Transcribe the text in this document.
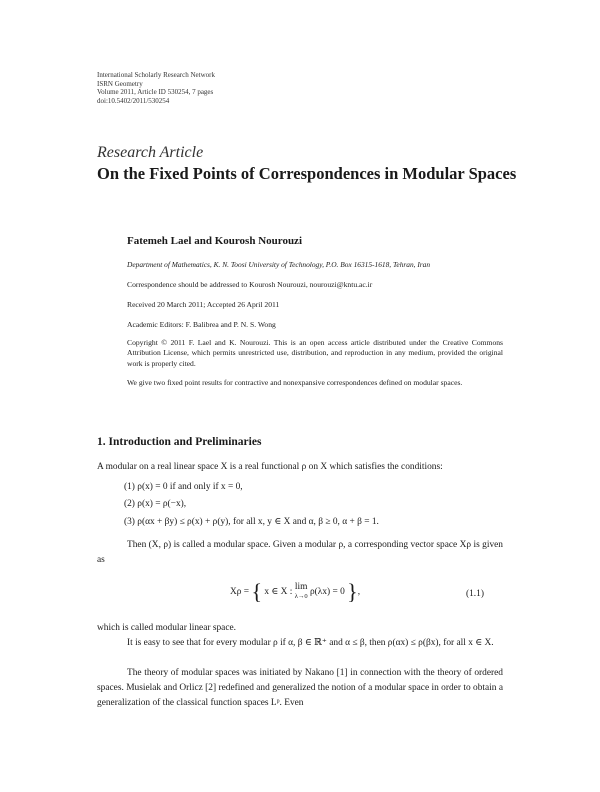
International Scholarly Research Network
ISRN Geometry
Volume 2011, Article ID 530254, 7 pages
doi:10.5402/2011/530254
Research Article
On the Fixed Points of Correspondences in Modular Spaces
Fatemeh Lael and Kourosh Nourouzi
Department of Mathematics, K. N. Toosi University of Technology, P.O. Box 16315-1618, Tehran, Iran
Correspondence should be addressed to Kourosh Nourouzi, nourouzi@kntu.ac.ir
Received 20 March 2011; Accepted 26 April 2011
Academic Editors: F. Balibrea and P. N. S. Wong
Copyright © 2011 F. Lael and K. Nourouzi. This is an open access article distributed under the Creative Commons Attribution License, which permits unrestricted use, distribution, and reproduction in any medium, provided the original work is properly cited.
We give two fixed point results for contractive and nonexpansive correspondences defined on modular spaces.
1. Introduction and Preliminaries
A modular on a real linear space X is a real functional ρ on X which satisfies the conditions:
(1) ρ(x) = 0 if and only if x = 0,
(2) ρ(x) = ρ(−x),
(3) ρ(αx + βy) ≤ ρ(x) + ρ(y), for all x, y ∈ X and α, β ≥ 0, α + β = 1.
Then (X, ρ) is called a modular space. Given a modular ρ, a corresponding vector space Xρ is given as
Xρ = { x ∈ X : lim
λ→0 ρ(λx) = 0 },	(1.1)
which is called modular linear space.
It is easy to see that for every modular ρ if α, β ∈ ℝ⁺ and α ≤ β, then ρ(αx) ≤ ρ(βx), for all x ∈ X.
The theory of modular spaces was initiated by Nakano [1] in connection with the theory of ordered spaces. Musielak and Orlicz [2] redefined and generalized the notion of a modular space in order to obtain a generalization of the classical function spaces Lᵖ. Even
